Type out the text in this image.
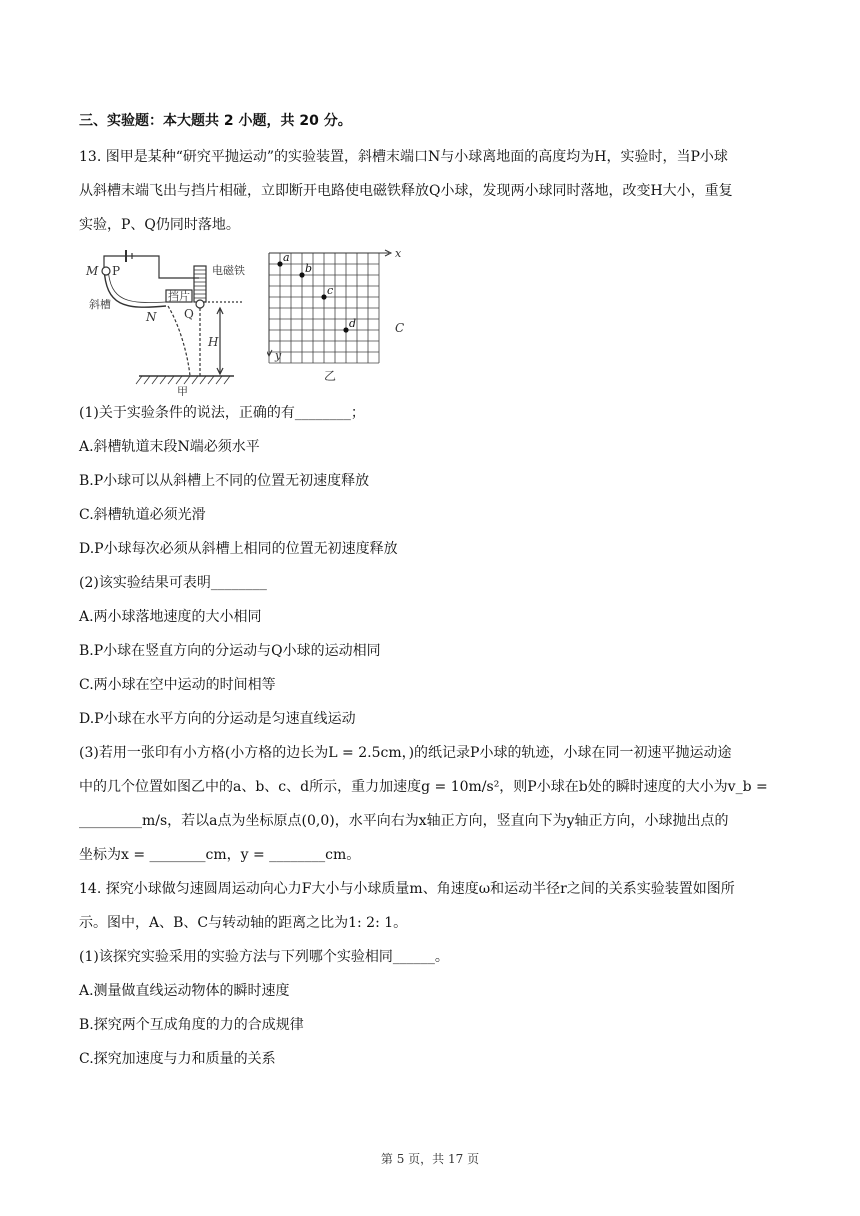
三、实验题：本大题共 2 小题，共 20 分。

13. 图甲是某种“研究平抛运动”的实验装置，斜槽末端口N与小球离地面的高度均为H，实验时，当P小球

从斜槽末端飞出与挡片相碰，立即断开电路使电磁铁释放Q小球，发现两小球同时落地，改变H大小，重复

实验，P、Q仍同时落地。

M P	电磁铁
挡片
斜槽
N Q
H
甲
a
b
c
d
x
y
C
乙

(1)关于实验条件的说法，正确的有________；

A.斜槽轨道末段N端必须水平

B.P小球可以从斜槽上不同的位置无初速度释放

C.斜槽轨道必须光滑

D.P小球每次必须从斜槽上相同的位置无初速度释放

(2)该实验结果可表明________

A.两小球落地速度的大小相同

B.P小球在竖直方向的分运动与Q小球的运动相同

C.两小球在空中运动的时间相等

D.P小球在水平方向的分运动是匀速直线运动

(3)若用一张印有小方格(小方格的边长为L = 2.5cm，)的纸记录P小球的轨迹，小球在同一初速平抛运动途

中的几个位置如图乙中的a、b、c、d所示，重力加速度g = 10m/s²，则P小球在b处的瞬时速度的大小为v_b =

_________m/s，若以a点为坐标原点(0,0)，水平向右为x轴正方向，竖直向下为y轴正方向，小球抛出点的

坐标为x = ________cm，y = ________cm。

14. 探究小球做匀速圆周运动向心力F大小与小球质量m、角速度ω和运动半径r之间的关系实验装置如图所

示。图中，A、B、C与转动轴的距离之比为1: 2: 1。

(1)该探究实验采用的实验方法与下列哪个实验相同______。

A.测量做直线运动物体的瞬时速度

B.探究两个互成角度的力的合成规律

C.探究加速度与力和质量的关系

第 5 页，共 17 页
